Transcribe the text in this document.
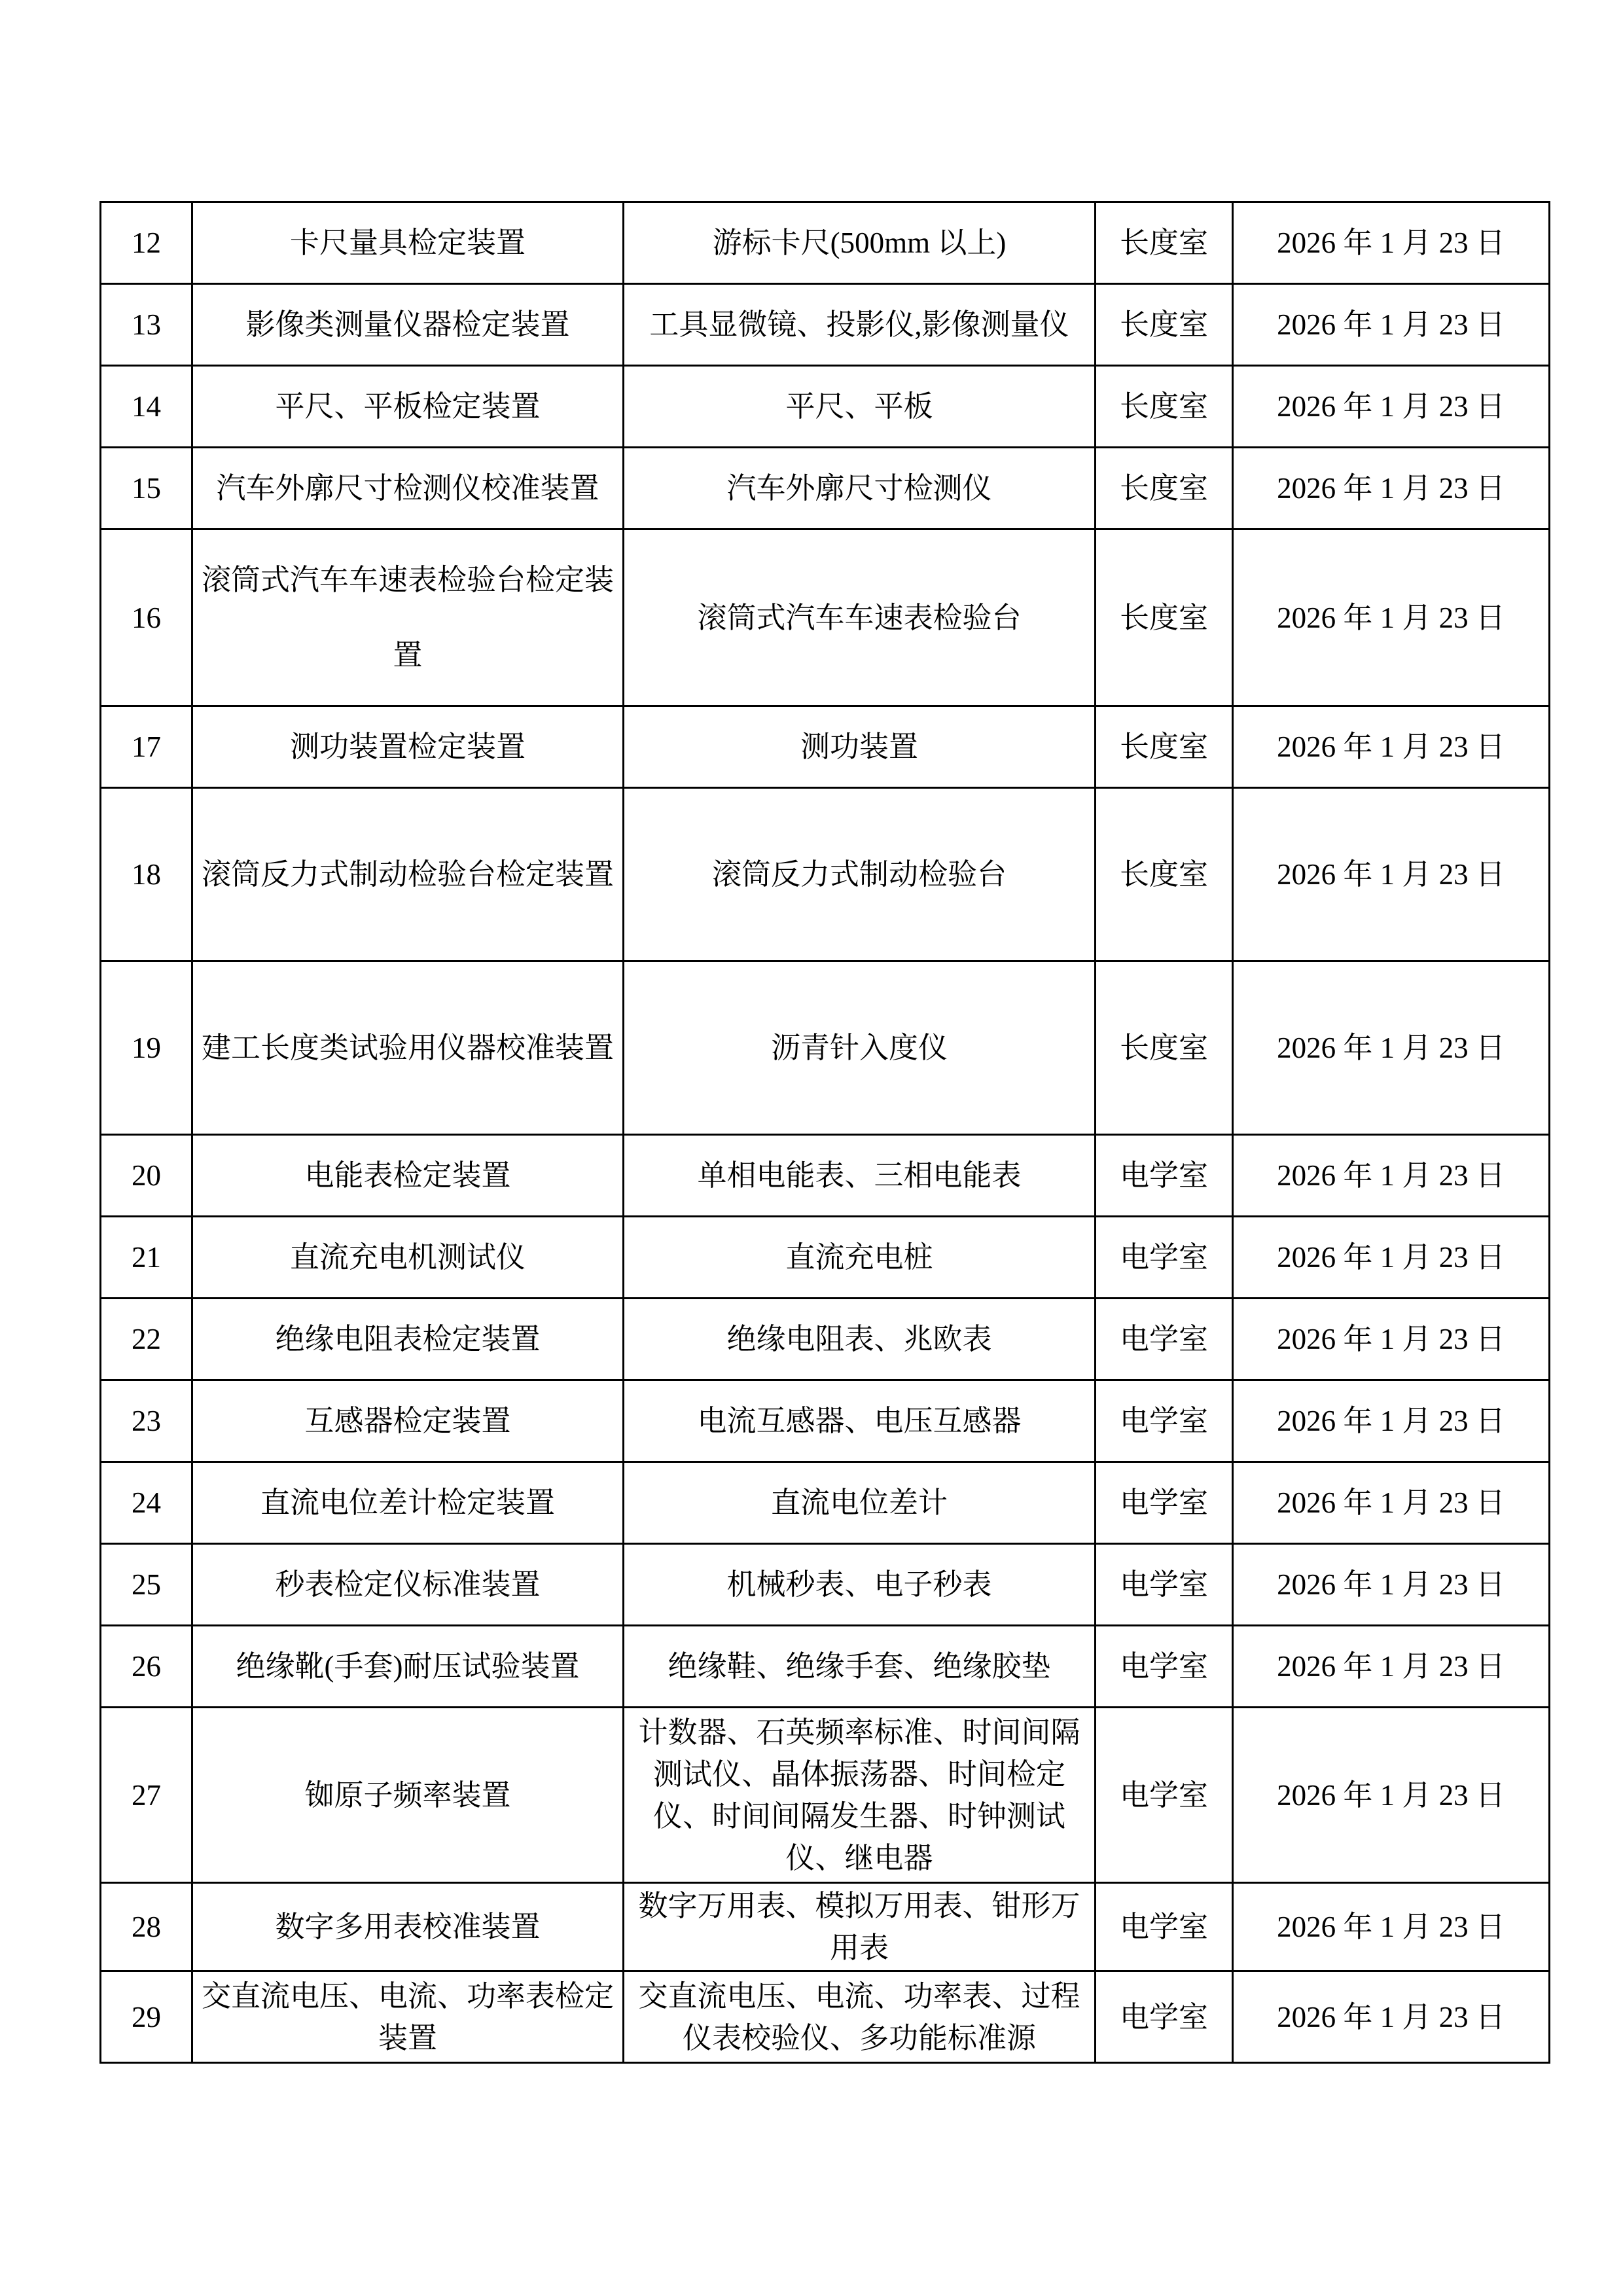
12	卡尺量具检定装置	游标卡尺(500mm 以上)	长度室	2026 年 1 月 23 日
13	影像类测量仪器检定装置	工具显微镜、投影仪,影像测量仪	长度室	2026 年 1 月 23 日
14	平尺、平板检定装置	平尺、平板	长度室	2026 年 1 月 23 日
15	汽车外廓尺寸检测仪校准装置	汽车外廓尺寸检测仪	长度室	2026 年 1 月 23 日
16	滚筒式汽车车速表检验台检定装置	滚筒式汽车车速表检验台	长度室	2026 年 1 月 23 日
17	测功装置检定装置	测功装置	长度室	2026 年 1 月 23 日
18	滚筒反力式制动检验台检定装置	滚筒反力式制动检验台	长度室	2026 年 1 月 23 日
19	建工长度类试验用仪器校准装置	沥青针入度仪	长度室	2026 年 1 月 23 日
20	电能表检定装置	单相电能表、三相电能表	电学室	2026 年 1 月 23 日
21	直流充电机测试仪	直流充电桩	电学室	2026 年 1 月 23 日
22	绝缘电阻表检定装置	绝缘电阻表、兆欧表	电学室	2026 年 1 月 23 日
23	互感器检定装置	电流互感器、电压互感器	电学室	2026 年 1 月 23 日
24	直流电位差计检定装置	直流电位差计	电学室	2026 年 1 月 23 日
25	秒表检定仪标准装置	机械秒表、电子秒表	电学室	2026 年 1 月 23 日
26	绝缘靴(手套)耐压试验装置	绝缘鞋、绝缘手套、绝缘胶垫	电学室	2026 年 1 月 23 日
27	铷原子频率装置	计数器、石英频率标准、时间间隔测试仪、晶体振荡器、时间检定仪、时间间隔发生器、时钟测试仪、继电器	电学室	2026 年 1 月 23 日
28	数字多用表校准装置	数字万用表、模拟万用表、钳形万用表	电学室	2026 年 1 月 23 日
29	交直流电压、电流、功率表检定装置	交直流电压、电流、功率表、过程仪表校验仪、多功能标准源	电学室	2026 年 1 月 23 日
